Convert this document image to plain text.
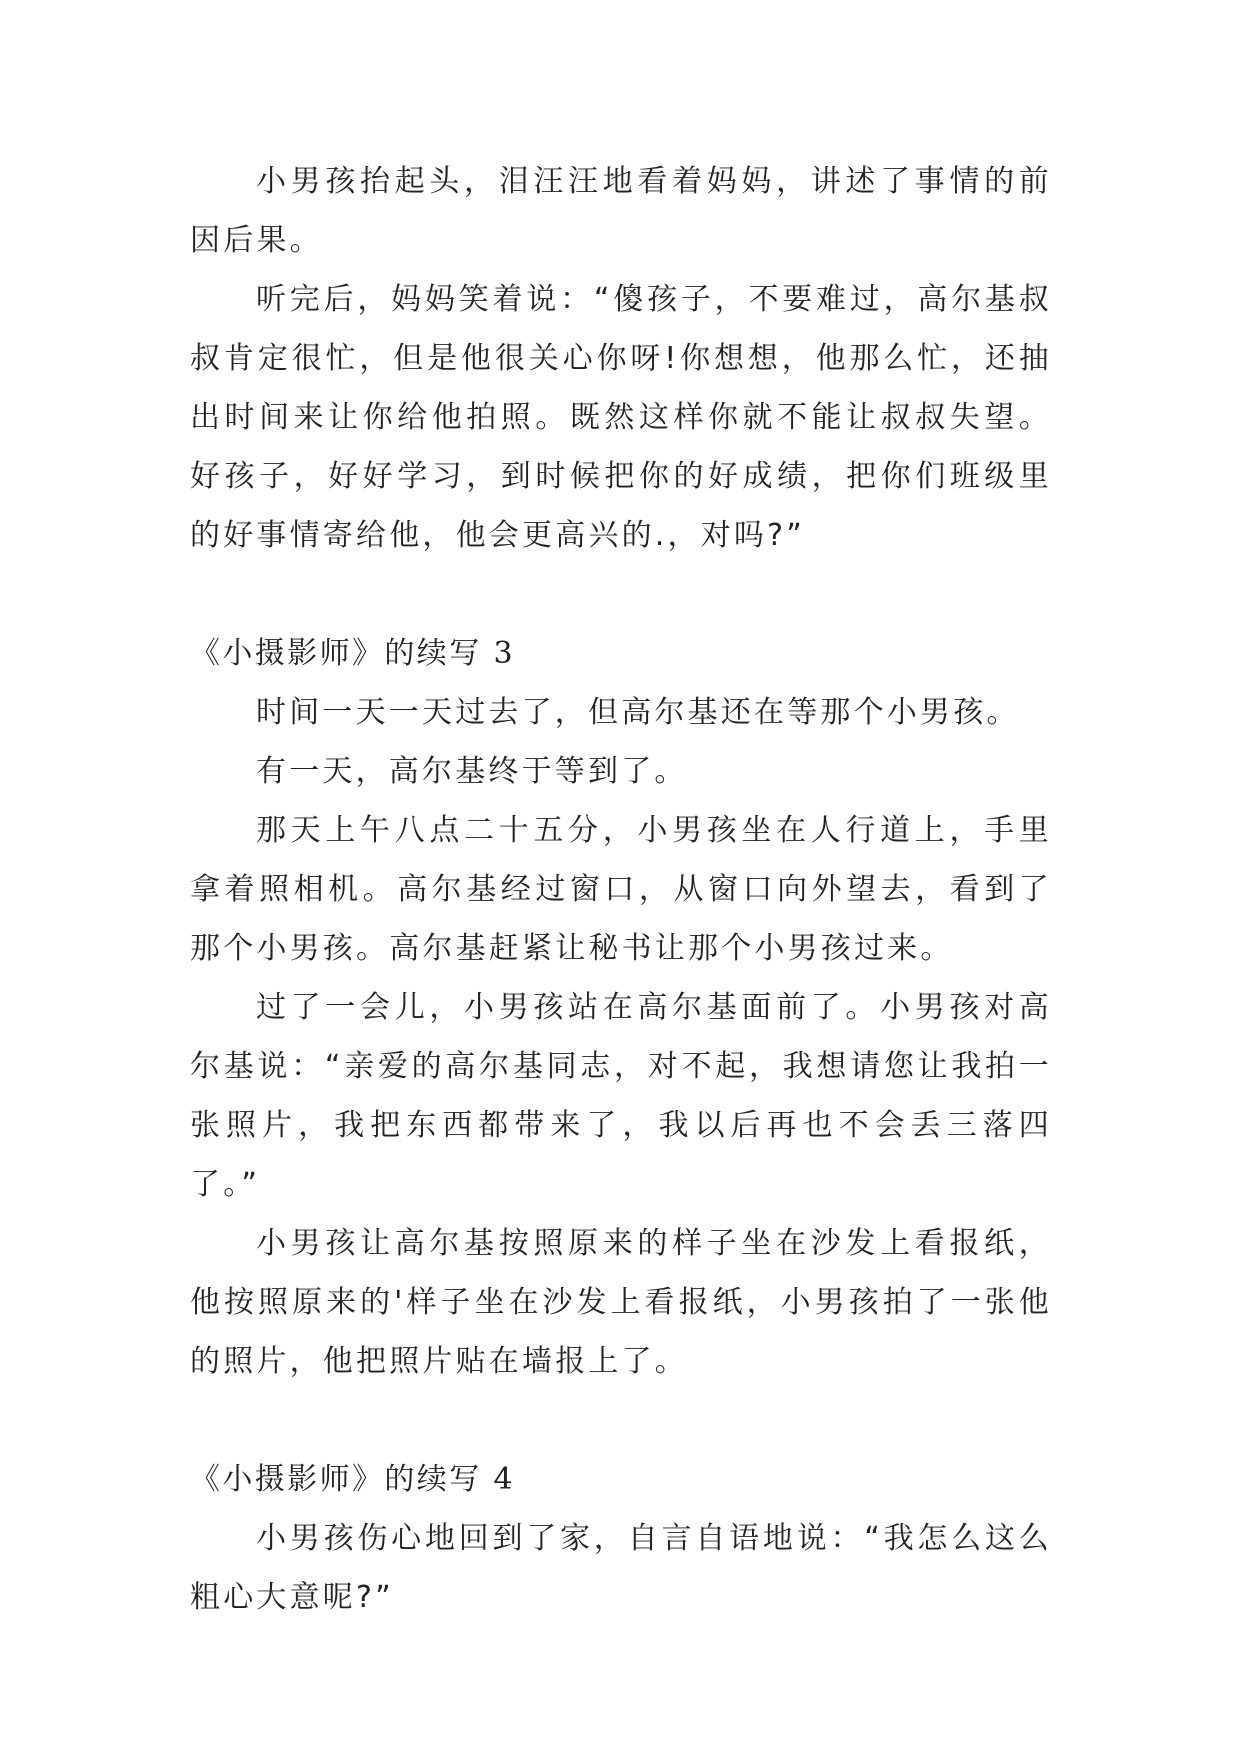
小男孩抬起头，泪汪汪地看着妈妈，讲述了事情的前因后果。

听完后，妈妈笑着说：“傻孩子，不要难过，高尔基叔叔肯定很忙，但是他很关心你呀!你想想，他那么忙，还抽出时间来让你给他拍照。既然这样你就不能让叔叔失望。好孩子，好好学习，到时候把你的好成绩，把你们班级里的好事情寄给他，他会更高兴的.，对吗?”

《小摄影师》的续写 3

时间一天一天过去了，但高尔基还在等那个小男孩。

有一天，高尔基终于等到了。

那天上午八点二十五分，小男孩坐在人行道上，手里拿着照相机。高尔基经过窗口，从窗口向外望去，看到了那个小男孩。高尔基赶紧让秘书让那个小男孩过来。

过了一会儿，小男孩站在高尔基面前了。小男孩对高尔基说：“亲爱的高尔基同志，对不起，我想请您让我拍一张照片，我把东西都带来了，我以后再也不会丢三落四了。”

小男孩让高尔基按照原来的样子坐在沙发上看报纸，他按照原来的'样子坐在沙发上看报纸，小男孩拍了一张他的照片，他把照片贴在墙报上了。

《小摄影师》的续写 4

小男孩伤心地回到了家，自言自语地说：“我怎么这么粗心大意呢?”
